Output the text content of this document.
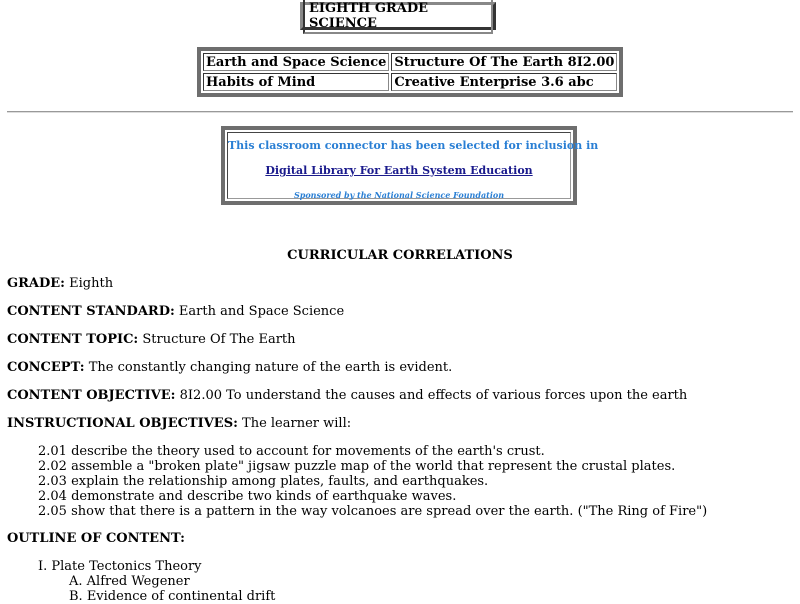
EIGHTH GRADE SCIENCE
Earth and Space Science	Structure Of The Earth 8I2.00
Habits of Mind	Creative Enterprise 3.6 abc
This classroom connector has been selected for inclusion in
Digital Library For Earth System Education
Sponsored by the National Science Foundation
CURRICULAR CORRELATIONS
GRADE: Eighth
CONTENT STANDARD: Earth and Space Science
CONTENT TOPIC: Structure Of The Earth
CONCEPT: The constantly changing nature of the earth is evident.
CONTENT OBJECTIVE: 8I2.00 To understand the causes and effects of various forces upon the earth
INSTRUCTIONAL OBJECTIVES: The learner will:
2.01 describe the theory used to account for movements of the earth's crust.
2.02 assemble a "broken plate" jigsaw puzzle map of the world that represent the crustal plates.
2.03 explain the relationship among plates, faults, and earthquakes.
2.04 demonstrate and describe two kinds of earthquake waves.
2.05 show that there is a pattern in the way volcanoes are spread over the earth. ("The Ring of Fire")
OUTLINE OF CONTENT:
I. Plate Tectonics Theory
A. Alfred Wegener
B. Evidence of continental drift
